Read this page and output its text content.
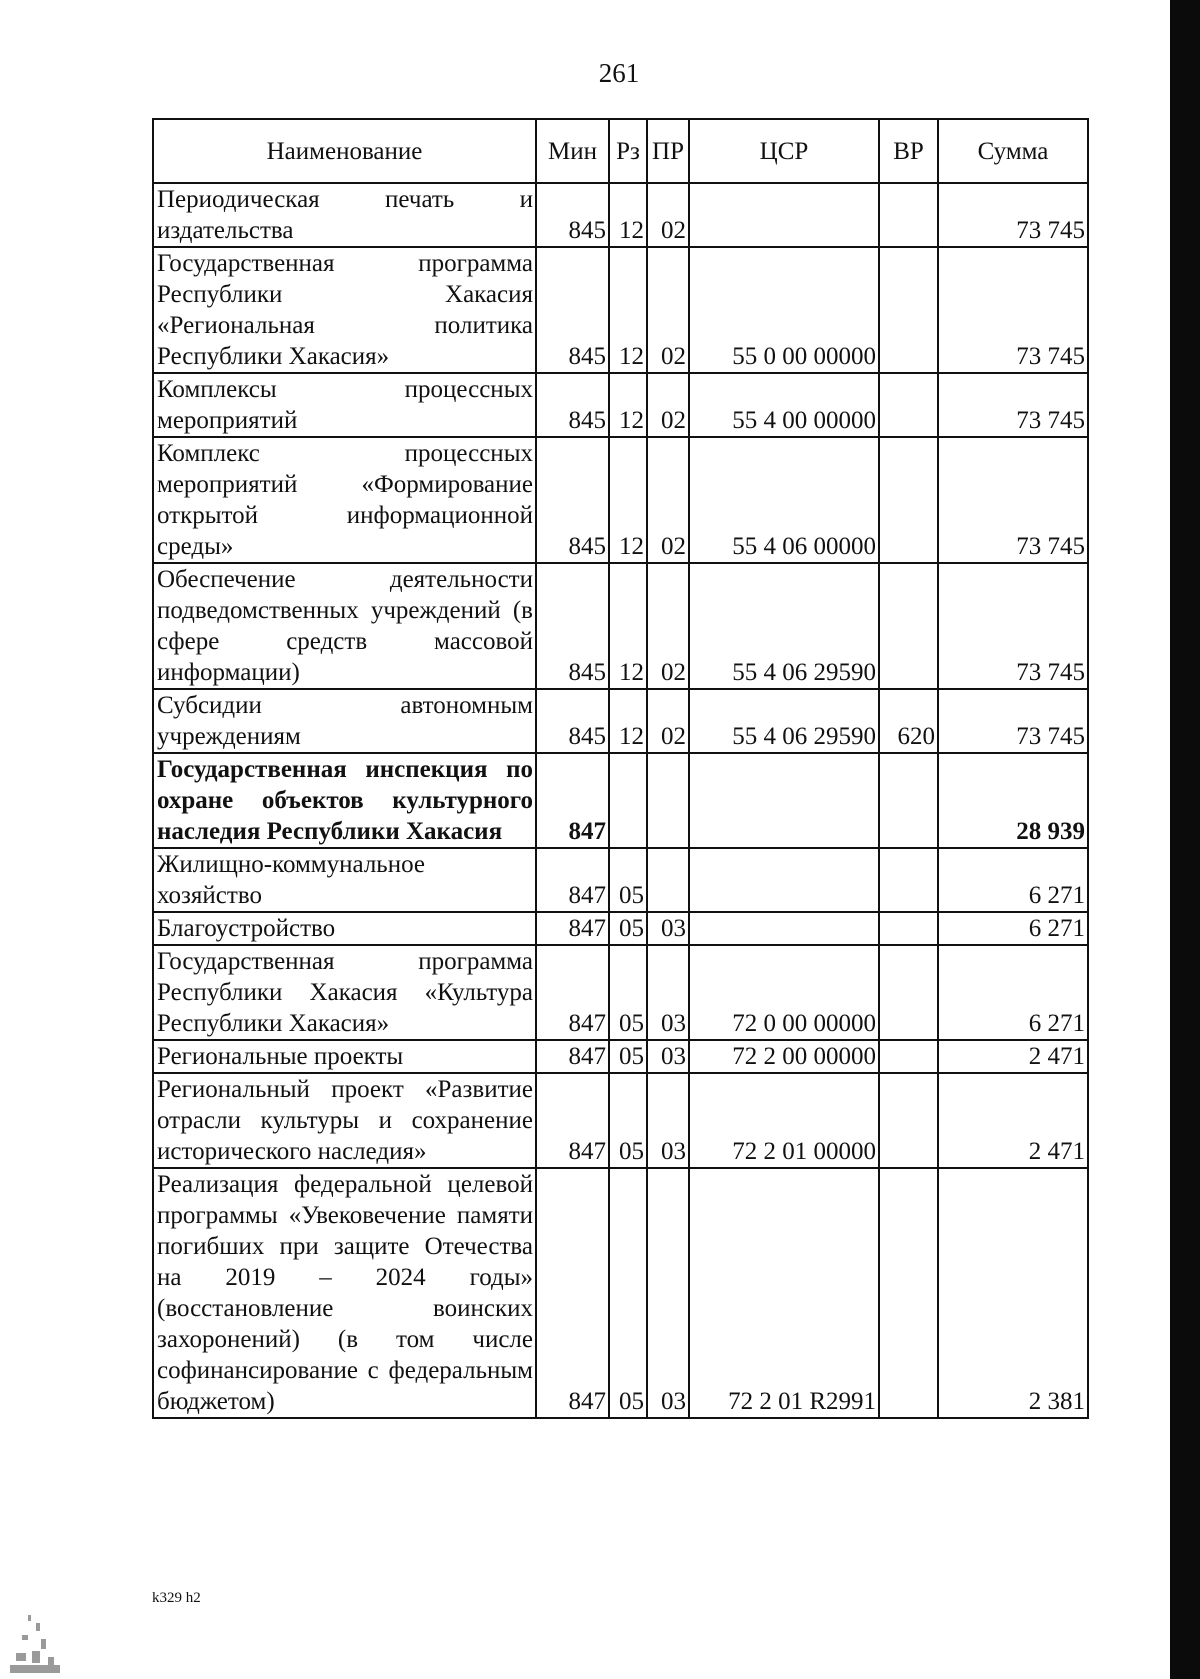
261
Наименование	Мин	Рз	ПР	ЦСР	ВР	Сумма
Периодическая печать и издательства	845	12	02			73 745
Государственная программа Республики Хакасия «Региональная политика Республики Хакасия»	845	12	02	55 0 00 00000		73 745
Комплексы процессных мероприятий	845	12	02	55 4 00 00000		73 745
Комплекс процессных мероприятий «Формирование открытой информационной среды»	845	12	02	55 4 06 00000		73 745
Обеспечение деятельности подведомственных учреждений (в сфере средств массовой информации)	845	12	02	55 4 06 29590		73 745
Субсидии автономным учреждениям	845	12	02	55 4 06 29590	620	73 745
Государственная инспекция по охране объектов культурного наследия Республики Хакасия	847					28 939
Жилищно-коммунальное хозяйство	847	05				6 271
Благоустройство	847	05	03			6 271
Государственная программа Республики Хакасия «Культура Республики Хакасия»	847	05	03	72 0 00 00000		6 271
Региональные проекты	847	05	03	72 2 00 00000		2 471
Региональный проект «Развитие отрасли культуры и сохранение исторического наследия»	847	05	03	72 2 01 00000		2 471
Реализация федеральной целевой программы «Увековечение памяти погибших при защите Отечества на 2019 – 2024 годы» (восстановление воинских захоронений) (в том числе софинансирование с федеральным бюджетом)	847	05	03	72 2 01 R2991		2 381
k329 h2
